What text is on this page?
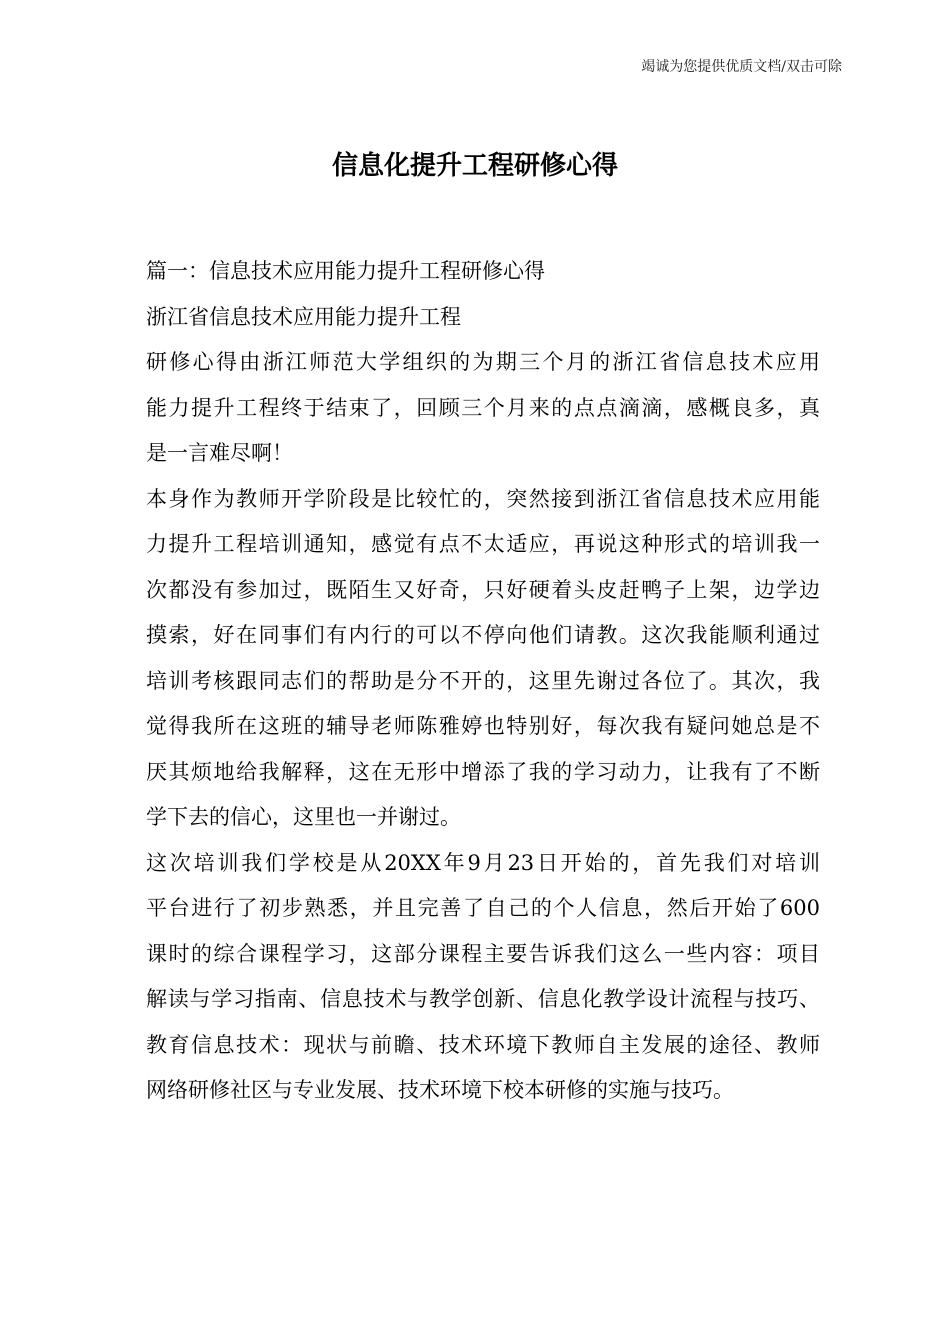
竭诚为您提供优质文档/双击可除
信息化提升工程研修心得
篇一：信息技术应用能力提升工程研修心得
浙江省信息技术应用能力提升工程
研修心得由浙江师范大学组织的为期三个月的浙江省信息技术应用
能力提升工程终于结束了，回顾三个月来的点点滴滴，感概良多，真
是一言难尽啊！
本身作为教师开学阶段是比较忙的，突然接到浙江省信息技术应用能
力提升工程培训通知，感觉有点不太适应，再说这种形式的培训我一
次都没有参加过，既陌生又好奇，只好硬着头皮赶鸭子上架，边学边
摸索，好在同事们有内行的可以不停向他们请教。这次我能顺利通过
培训考核跟同志们的帮助是分不开的，这里先谢过各位了。其次，我
觉得我所在这班的辅导老师陈雅婷也特别好，每次我有疑问她总是不
厌其烦地给我解释，这在无形中增添了我的学习动力，让我有了不断
学下去的信心，这里也一并谢过。
这次培训我们学校是从20XX年9月23日开始的，首先我们对培训
平台进行了初步熟悉，并且完善了自己的个人信息，然后开始了600
课时的综合课程学习，这部分课程主要告诉我们这么一些内容：项目
解读与学习指南、信息技术与教学创新、信息化教学设计流程与技巧、
教育信息技术：现状与前瞻、技术环境下教师自主发展的途径、教师
网络研修社区与专业发展、技术环境下校本研修的实施与技巧。
